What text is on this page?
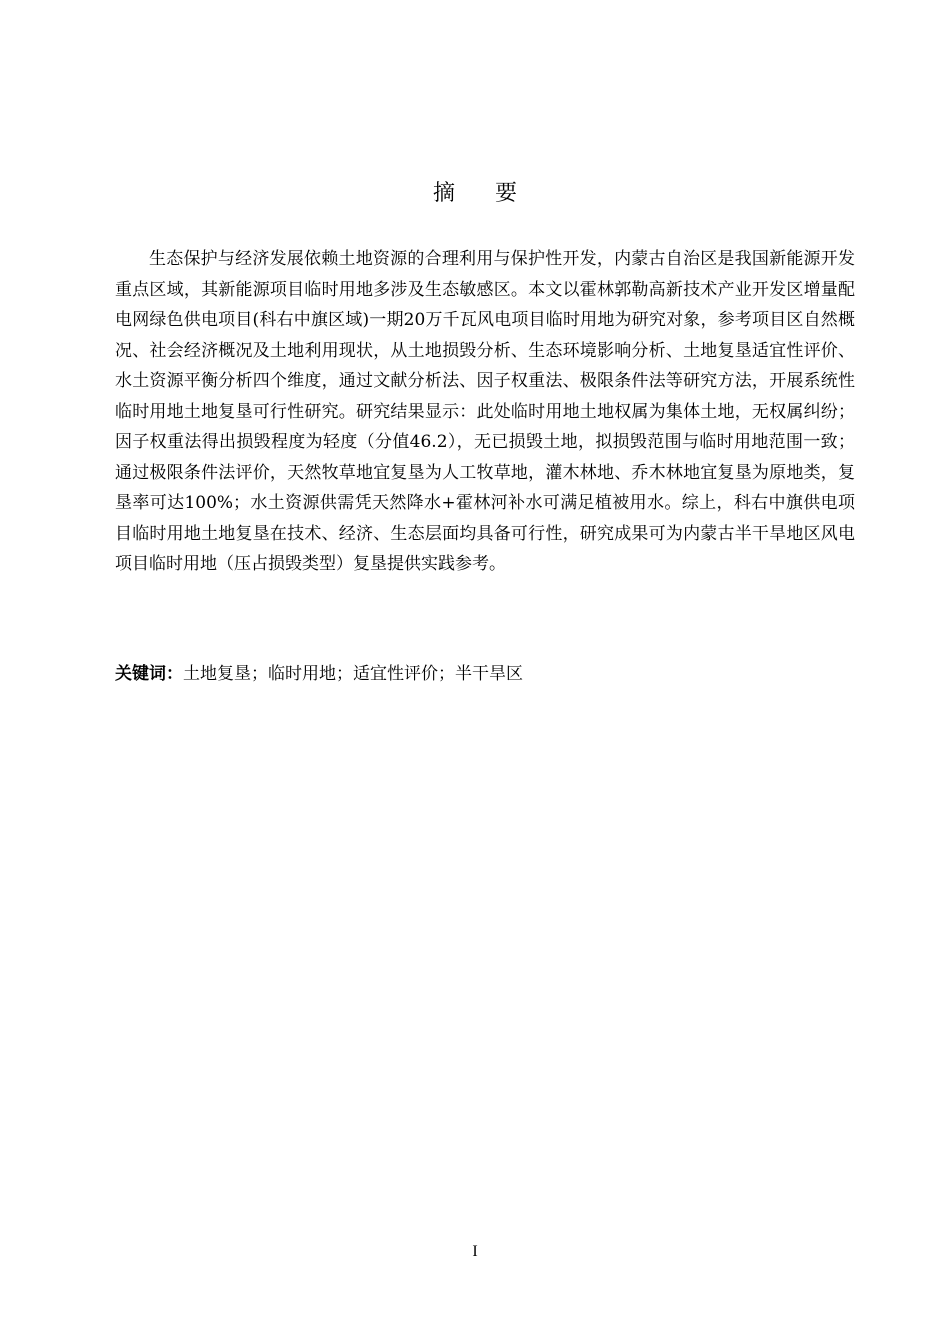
摘 要

生态保护与经济发展依赖土地资源的合理利用与保护性开发，内蒙古自治区是我国新能源开发重点区域，其新能源项目临时用地多涉及生态敏感区。本文以霍林郭勒高新技术产业开发区增量配电网绿色供电项目(科右中旗区域)一期20万千瓦风电项目临时用地为研究对象，参考项目区自然概况、社会经济概况及土地利用现状，从土地损毁分析、生态环境影响分析、土地复垦适宜性评价、水土资源平衡分析四个维度，通过文献分析法、因子权重法、极限条件法等研究方法，开展系统性临时用地土地复垦可行性研究。研究结果显示：此处临时用地土地权属为集体土地，无权属纠纷；因子权重法得出损毁程度为轻度（分值46.2），无已损毁土地，拟损毁范围与临时用地范围一致；通过极限条件法评价，天然牧草地宜复垦为人工牧草地，灌木林地、乔木林地宜复垦为原地类，复垦率可达100%；水土资源供需凭天然降水+霍林河补水可满足植被用水。综上，科右中旗供电项目临时用地土地复垦在技术、经济、生态层面均具备可行性，研究成果可为内蒙古半干旱地区风电项目临时用地（压占损毁类型）复垦提供实践参考。

关键词：土地复垦；临时用地；适宜性评价；半干旱区

I
